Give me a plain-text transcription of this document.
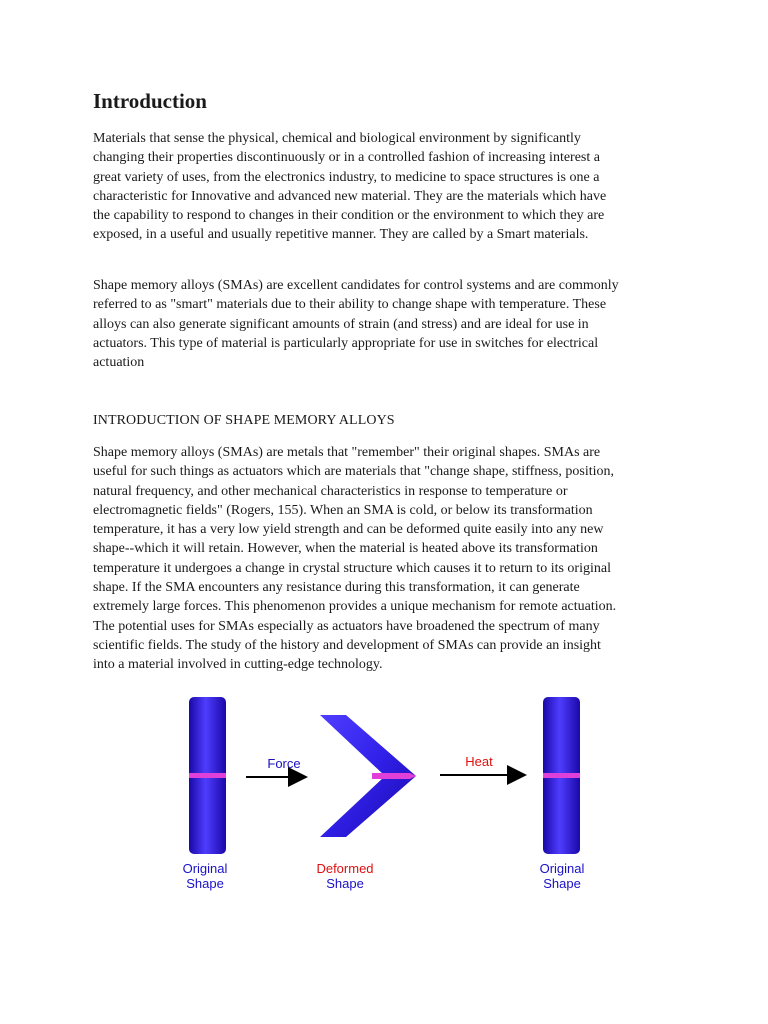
Introduction

Materials that sense the physical, chemical and biological environment by significantly
changing their properties discontinuously or in a controlled fashion of increasing interest a
great variety of uses, from the electronics industry, to medicine to space structures is one a
characteristic for Innovative and advanced new material. They are the materials which have
the capability to respond to changes in their condition or the environment to which they are
exposed, in a useful and usually repetitive manner. They are called by a Smart materials.

Shape memory alloys (SMAs) are excellent candidates for control systems and are commonly
referred to as "smart" materials due to their ability to change shape with temperature. These
alloys can also generate significant amounts of strain (and stress) and are ideal for use in
actuators. This type of material is particularly appropriate for use in switches for electrical
actuation

INTRODUCTION OF SHAPE MEMORY ALLOYS

Shape memory alloys (SMAs) are metals that "remember" their original shapes. SMAs are
useful for such things as actuators which are materials that "change shape, stiffness, position,
natural frequency, and other mechanical characteristics in response to temperature or
electromagnetic fields" (Rogers, 155). When an SMA is cold, or below its transformation
temperature, it has a very low yield strength and can be deformed quite easily into any new
shape--which it will retain. However, when the material is heated above its transformation
temperature it undergoes a change in crystal structure which causes it to return to its original
shape. If the SMA encounters any resistance during this transformation, it can generate
extremely large forces. This phenomenon provides a unique mechanism for remote actuation.
The potential uses for SMAs especially as actuators have broadened the spectrum of many
scientific fields. The study of the history and development of SMAs can provide an insight
into a material involved in cutting-edge technology.

Force	Heat
Original
Shape
Deformed
Shape
Original
Shape
